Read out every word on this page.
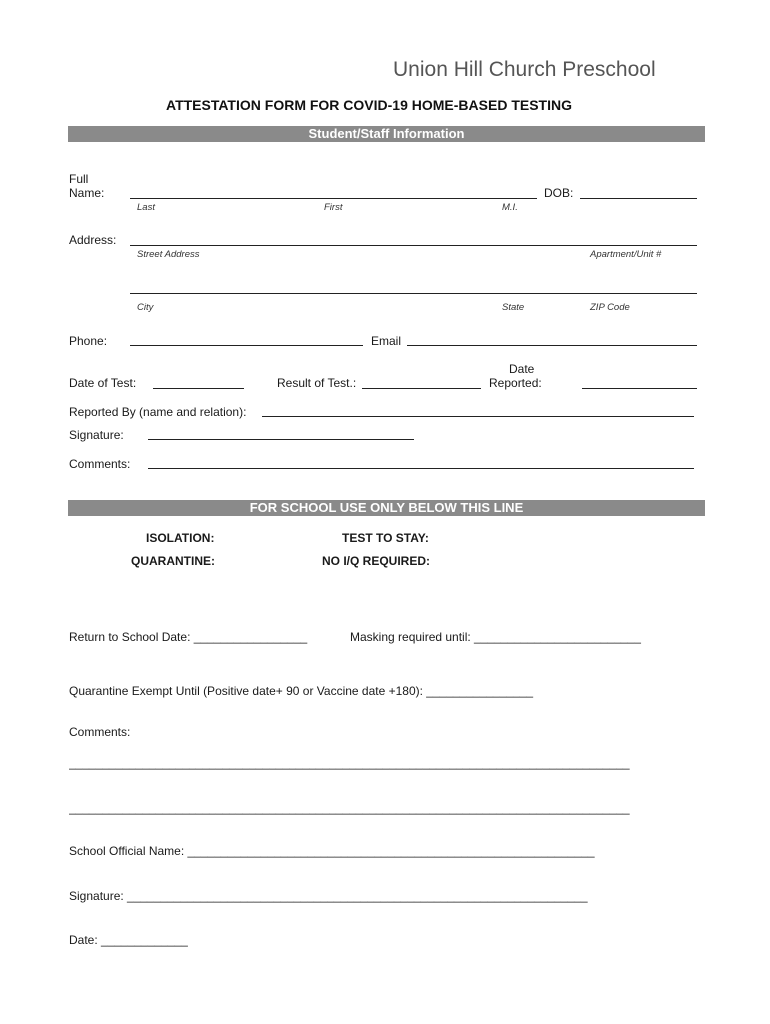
Union Hill Church Preschool
ATTESTATION FORM FOR COVID-19 HOME-BASED TESTING
Student/Staff Information
Full
Name:	DOB:
Last	First	M.I.
Address:
Street Address	Apartment/Unit #
City	State	ZIP Code
Phone:	Email
Date of Test:	Result of Test.:
Date
Reported:
Reported By (name and relation):
Signature:
Comments:
FOR SCHOOL USE ONLY BELOW THIS LINE
ISOLATION:	TEST TO STAY:
QUARANTINE:	NO I/Q REQUIRED:
Return to School Date: _________________	Masking required until: _________________________
Quarantine Exempt Until (Positive date+ 90 or Vaccine date +180): ________________
Comments:
____________________________________________________________________________________
____________________________________________________________________________________
School Official Name: _____________________________________________________________
Signature: _____________________________________________________________________
Date: _____________
